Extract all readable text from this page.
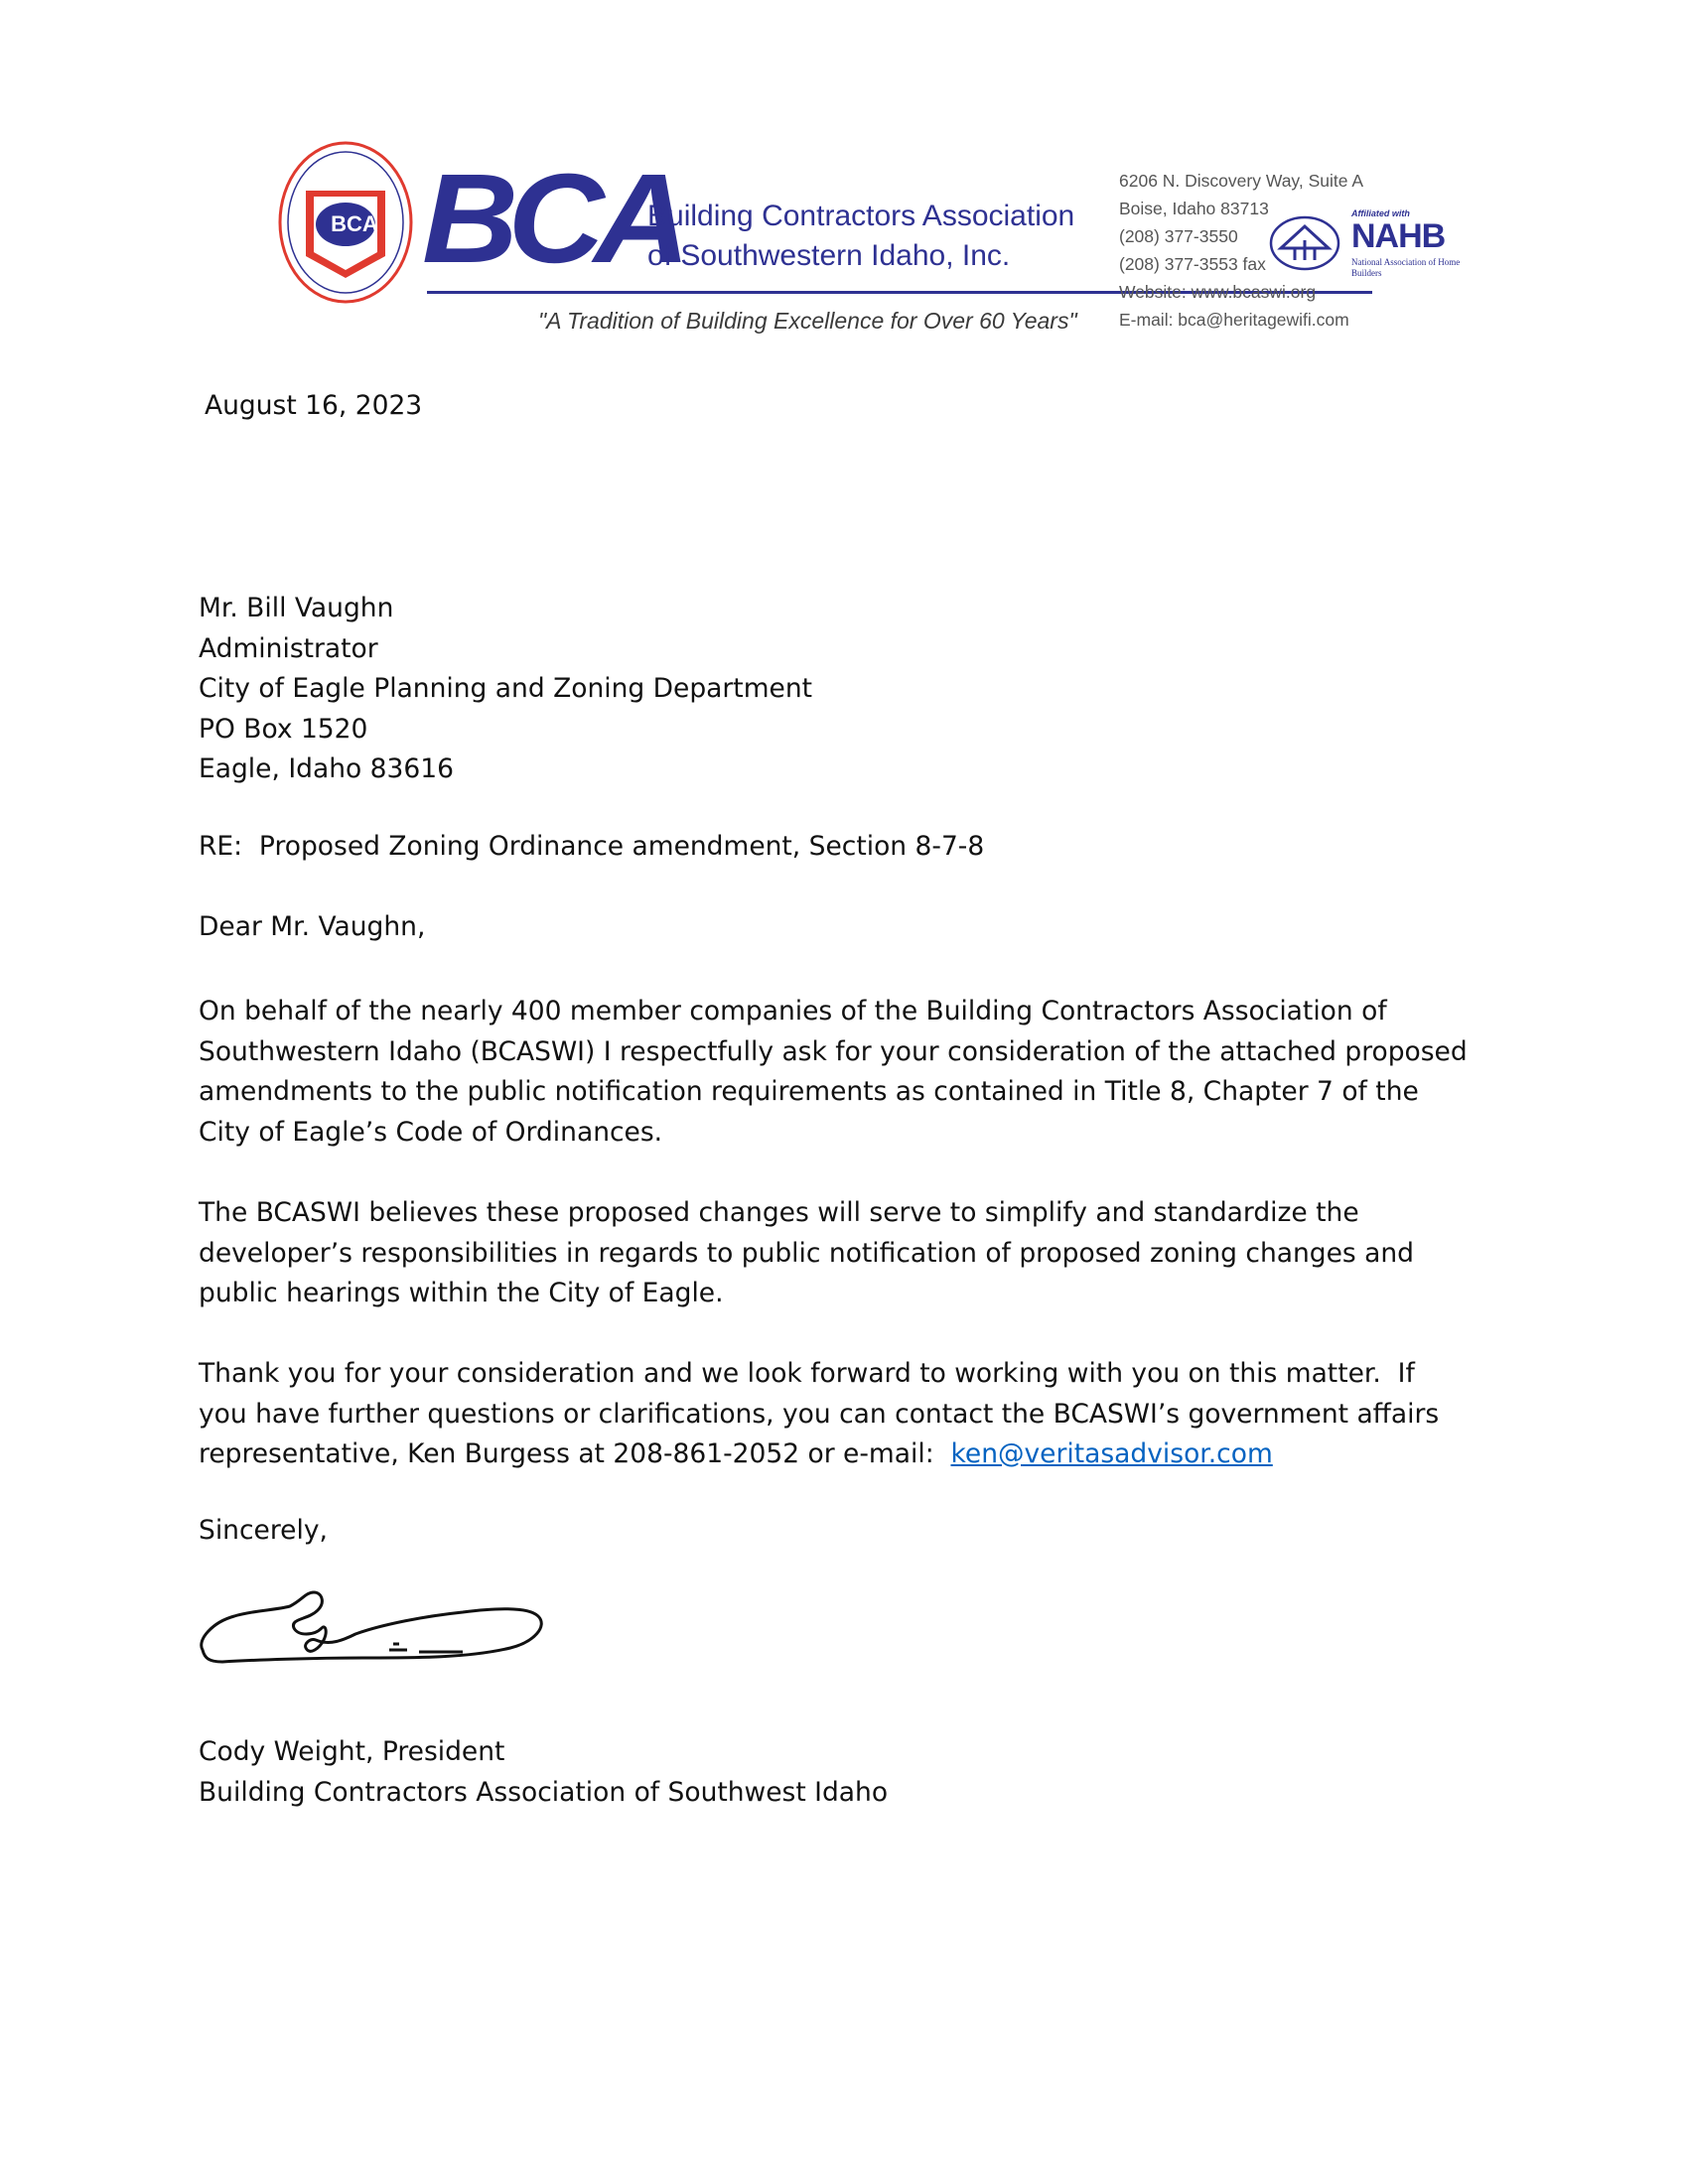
BCA BCA
Building Contractors Association
of Southwestern Idaho, Inc.
"A Tradition of Building Excellence for Over 60 Years"
6206 N. Discovery Way, Suite A
Boise, Idaho 83713
(208) 377-3550
(208) 377-3553 fax
Website: www.bcaswi.org
E-mail: bca@heritagewifi.com
Affiliated with
NAHB
National Association of Home Builders
August 16, 2023
Mr. Bill Vaughn
Administrator
City of Eagle Planning and Zoning Department
PO Box 1520
Eagle, Idaho 83616
RE:  Proposed Zoning Ordinance amendment, Section 8-7-8
Dear Mr. Vaughn,
On behalf of the nearly 400 member companies of the Building Contractors Association of
Southwestern Idaho (BCASWI) I respectfully ask for your consideration of the attached proposed
amendments to the public notification requirements as contained in Title 8, Chapter 7 of the
City of Eagle’s Code of Ordinances.
The BCASWI believes these proposed changes will serve to simplify and standardize the
developer’s responsibilities in regards to public notification of proposed zoning changes and
public hearings within the City of Eagle.
Thank you for your consideration and we look forward to working with you on this matter.  If
you have further questions or clarifications, you can contact the BCASWI’s government affairs
representative, Ken Burgess at 208-861-2052 or e-mail:  ken@veritasadvisor.com
Sincerely,
Cody Weight, President
Building Contractors Association of Southwest Idaho
